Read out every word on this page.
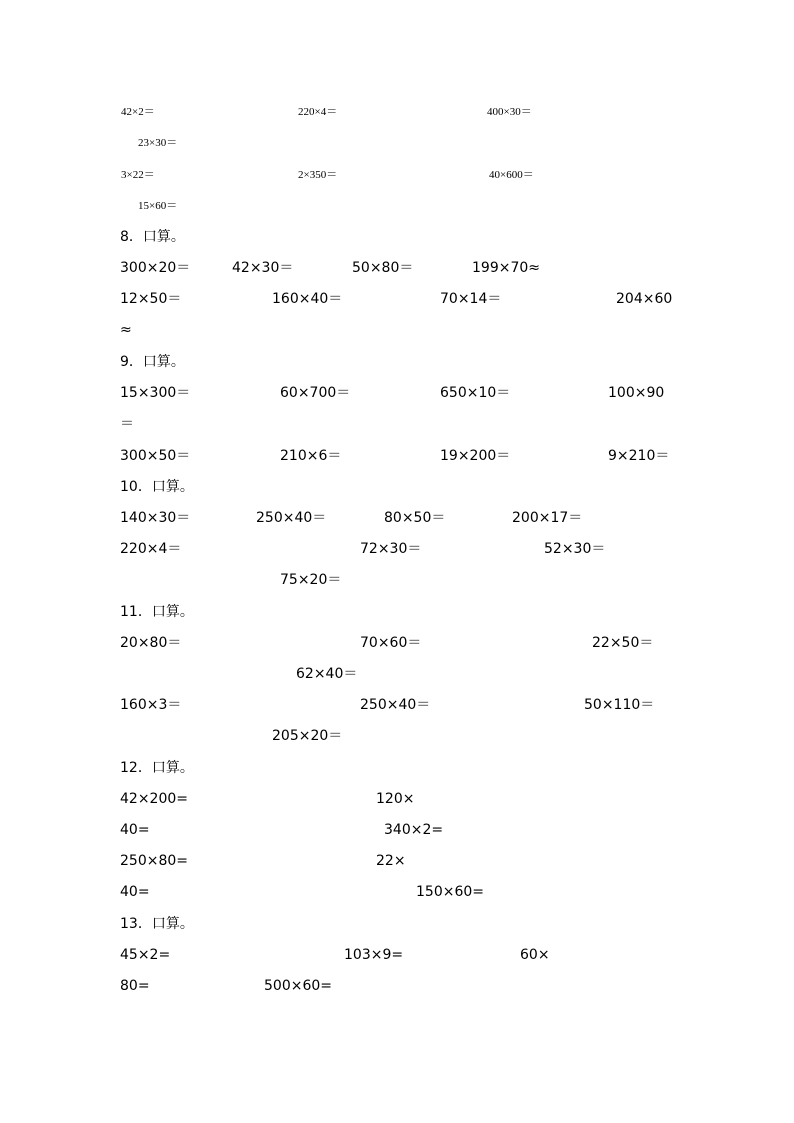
42×2＝	220×4＝	400×30＝
23×30＝
3×22＝	2×350＝	40×600＝
15×60＝
8．口算。
300×20＝	42×30＝	50×80＝	199×70≈
12×50＝	160×40＝	70×14＝	204×60
≈
9．口算。
15×300＝	60×700＝	650×10＝	100×90
＝
300×50＝	210×6＝	19×200＝	9×210＝
10．口算。
140×30＝	250×40＝	80×50＝	200×17＝
220×4＝	72×30＝	52×30＝
75×20＝
11．口算。
20×80＝	70×60＝	22×50＝
62×40＝
160×3＝	250×40＝	50×110＝
205×20＝
12．口算。
42×200=	120×
40=	340×2=
250×80=	22×
40=	150×60=
13．口算。
45×2=	103×9=	60×
80=	500×60=
